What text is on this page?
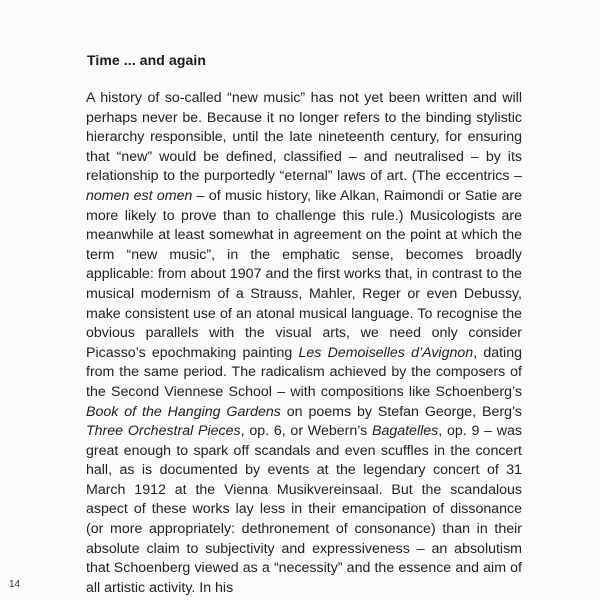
Time ... and again

A history of so-called “new music” has not yet been written and will perhaps never be. Because it no longer refers to the binding stylistic hierarchy responsible, until the late nineteenth century, for ensuring that “new” would be defined, classified – and neutralised – by its relationship to the purportedly “eternal” laws of art. (The eccentrics – nomen est omen – of music history, like Alkan, Raimondi or Satie are more likely to prove than to challenge this rule.) Musicologists are meanwhile at least somewhat in agreement on the point at which the term “new music”, in the emphatic sense, becomes broadly applicable: from about 1907 and the first works that, in contrast to the musical modernism of a Strauss, Mahler, Reger or even Debussy, make consistent use of an atonal musical language. To recognise the obvious parallels with the visual arts, we need only consider Picasso’s epochmaking painting Les Demoiselles d’Avignon, dating from the same period. The radicalism achieved by the composers of the Second Viennese School – with compositions like Schoenberg’s Book of the Hanging Gardens on poems by Stefan George, Berg’s Three Orchestral Pieces, op. 6, or Webern’s Bagatelles, op. 9 – was great enough to spark off scandals and even scuffles in the concert hall, as is documented by events at the legendary concert of 31 March 1912 at the Vienna Musikvereinsaal. But the scandalous aspect of these works lay less in their emancipation of dissonance (or more appropriately: dethronement of consonance) than in their absolute claim to subjectivity and expressiveness – an absolutism that Schoenberg viewed as a “necessity” and the essence and aim of all artistic activity. In his

14
